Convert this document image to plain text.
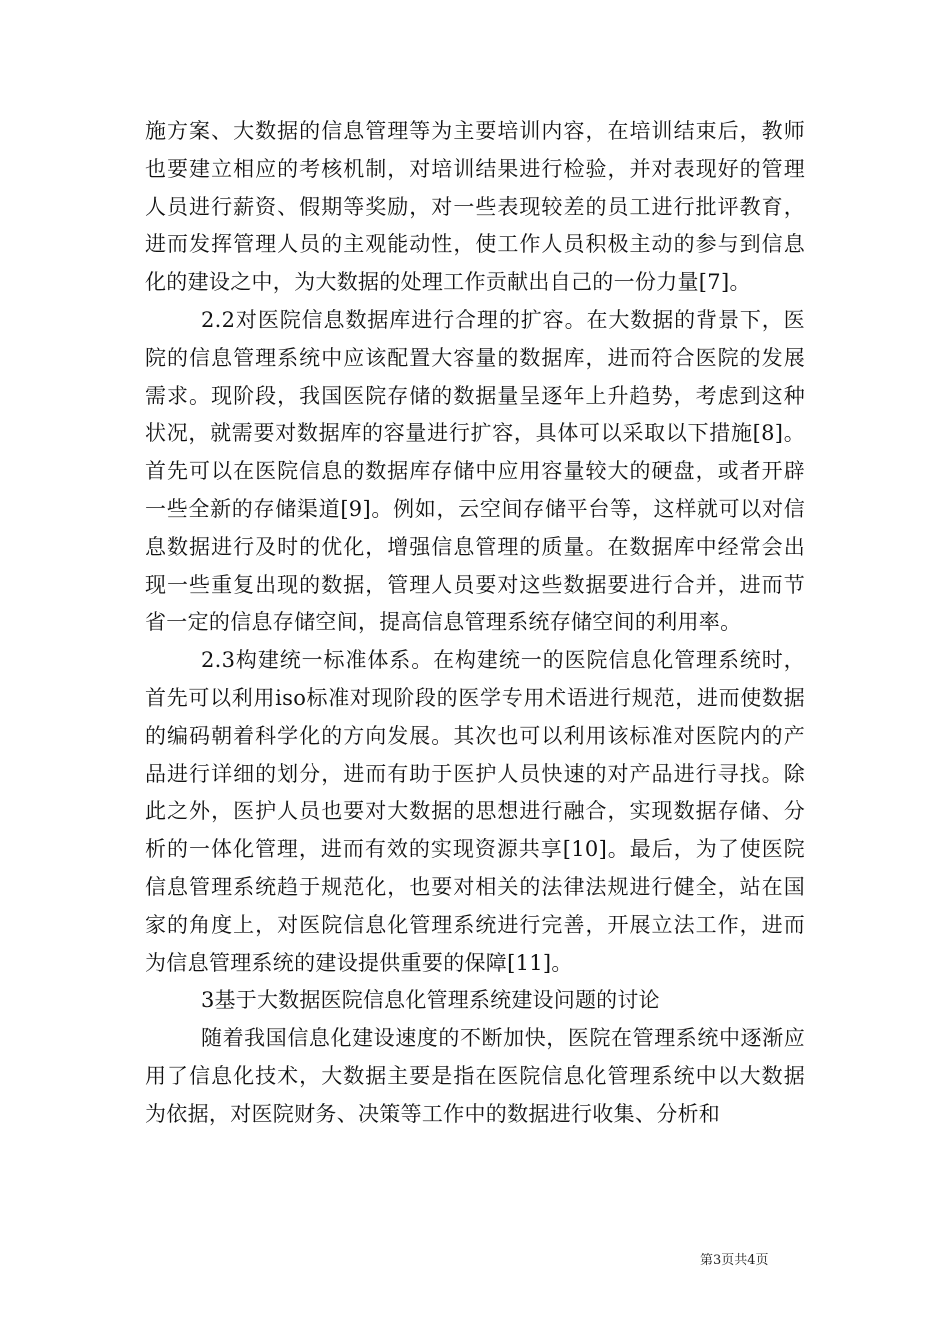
施方案、大数据的信息管理等为主要培训内容，在培训结束后，教师也要建立相应的考核机制，对培训结果进行检验，并对表现好的管理人员进行薪资、假期等奖励，对一些表现较差的员工进行批评教育，进而发挥管理人员的主观能动性，使工作人员积极主动的参与到信息化的建设之中，为大数据的处理工作贡献出自己的一份力量[7]。

2.2对医院信息数据库进行合理的扩容。在大数据的背景下，医院的信息管理系统中应该配置大容量的数据库，进而符合医院的发展需求。现阶段，我国医院存储的数据量呈逐年上升趋势，考虑到这种状况，就需要对数据库的容量进行扩容，具体可以采取以下措施[8]。首先可以在医院信息的数据库存储中应用容量较大的硬盘，或者开辟一些全新的存储渠道[9]。例如，云空间存储平台等，这样就可以对信息数据进行及时的优化，增强信息管理的质量。在数据库中经常会出现一些重复出现的数据，管理人员要对这些数据要进行合并，进而节省一定的信息存储空间，提高信息管理系统存储空间的利用率。

2.3构建统一标准体系。在构建统一的医院信息化管理系统时，首先可以利用iso标准对现阶段的医学专用术语进行规范，进而使数据的编码朝着科学化的方向发展。其次也可以利用该标准对医院内的产品进行详细的划分，进而有助于医护人员快速的对产品进行寻找。除此之外，医护人员也要对大数据的思想进行融合，实现数据存储、分析的一体化管理，进而有效的实现资源共享[10]。最后，为了使医院信息管理系统趋于规范化，也要对相关的法律法规进行健全，站在国家的角度上，对医院信息化管理系统进行完善，开展立法工作，进而为信息管理系统的建设提供重要的保障[11]。

3基于大数据医院信息化管理系统建设问题的讨论

随着我国信息化建设速度的不断加快，医院在管理系统中逐渐应用了信息化技术，大数据主要是指在医院信息化管理系统中以大数据为依据，对医院财务、决策等工作中的数据进行收集、分析和

第3页共4页
